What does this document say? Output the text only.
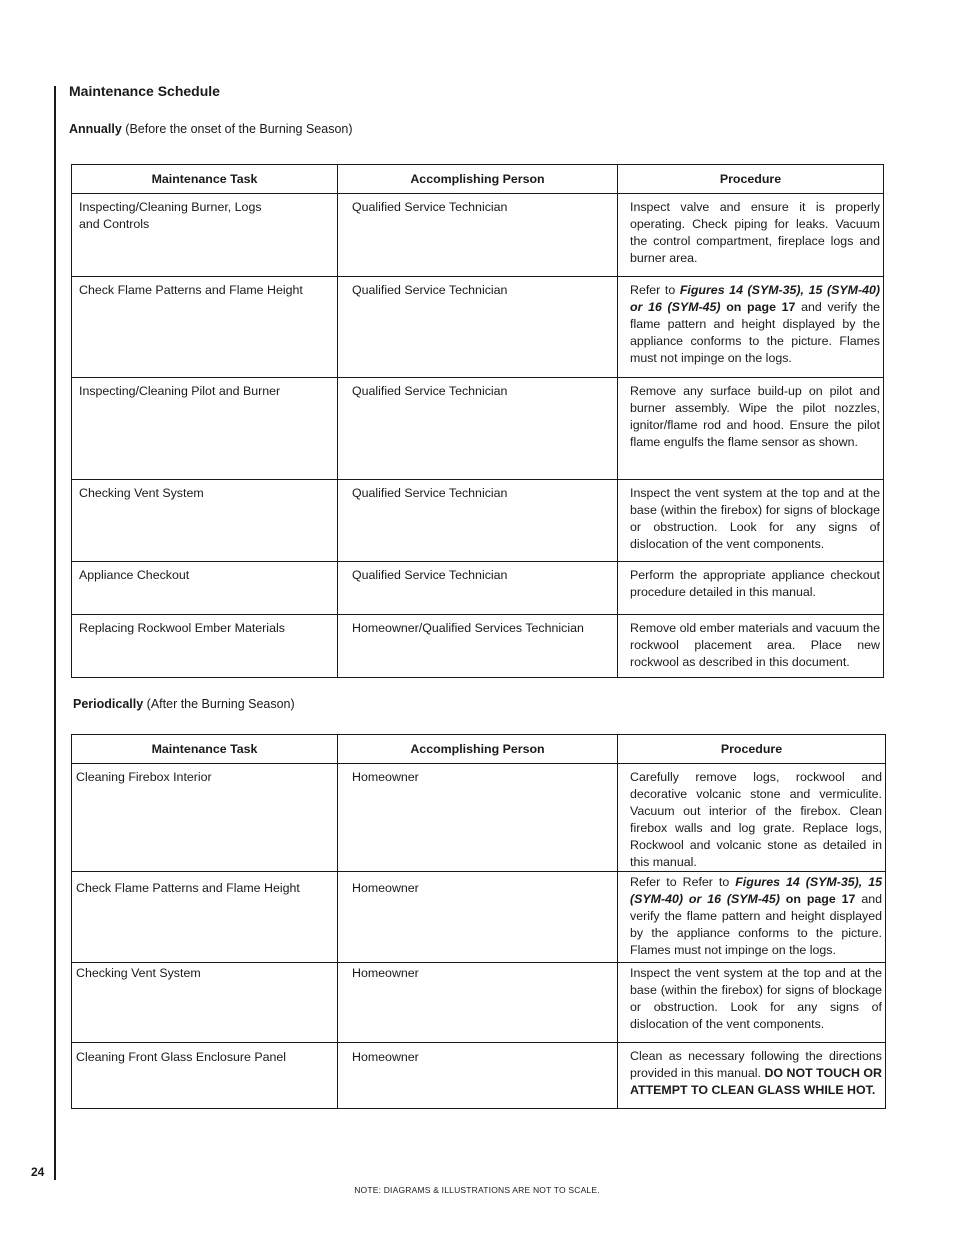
Maintenance Schedule
Annually (Before the onset of the Burning Season)
Maintenance Task	Accomplishing Person	Procedure
Inspecting/Cleaning Burner, Logs
and Controls	Qualified Service Technician	Inspect valve and ensure it is properly operating. Check piping for leaks. Vacuum the control compartment, fireplace logs and burner area.
Check Flame Patterns and Flame Height	Qualified Service Technician	Refer to Figures 14 (SYM-35), 15 (SYM-40) or 16 (SYM-45) on page 17 and verify the flame pattern and height displayed by the appliance conforms to the picture. Flames must not impinge on the logs.
Inspecting/Cleaning Pilot and Burner	Qualified Service Technician	Remove any surface build-up on pilot and burner assembly. Wipe the pilot nozzles, ignitor/flame rod and hood. Ensure the pilot flame engulfs the flame sensor as shown.
Checking Vent System	Qualified Service Technician	Inspect the vent system at the top and at the base (within the firebox) for signs of blockage or obstruction. Look for any signs of dislocation of the vent components.
Appliance Checkout	Qualified Service Technician	Perform the appropriate appliance checkout procedure detailed in this manual.
Replacing Rockwool Ember Materials	Homeowner/Qualified Services Technician	Remove old ember materials and vacuum the rockwool placement area. Place new rockwool as described in this document.
Periodically (After the Burning Season)
Maintenance Task	Accomplishing Person	Procedure
Cleaning Firebox Interior	Homeowner	Carefully remove logs, rockwool and decorative volcanic stone and vermiculite. Vacuum out interior of the firebox. Clean firebox walls and log grate. Replace logs, Rockwool and volcanic stone as detailed in this manual.
Check Flame Patterns and Flame Height	Homeowner	Refer to Refer to Figures 14 (SYM-35), 15 (SYM-40) or 16 (SYM-45) on page 17 and verify the flame pattern and height displayed by the appliance conforms to the picture. Flames must not impinge on the logs.
Checking Vent System	Homeowner	Inspect the vent system at the top and at the base (within the firebox) for signs of blockage or obstruction. Look for any signs of dislocation of the vent components.
Cleaning Front Glass Enclosure Panel	Homeowner	Clean as necessary following the directions provided in this manual. DO NOT TOUCH OR ATTEMPT TO CLEAN GLASS WHILE HOT.
24
NOTE: DIAGRAMS & ILLUSTRATIONS ARE NOT TO SCALE.
